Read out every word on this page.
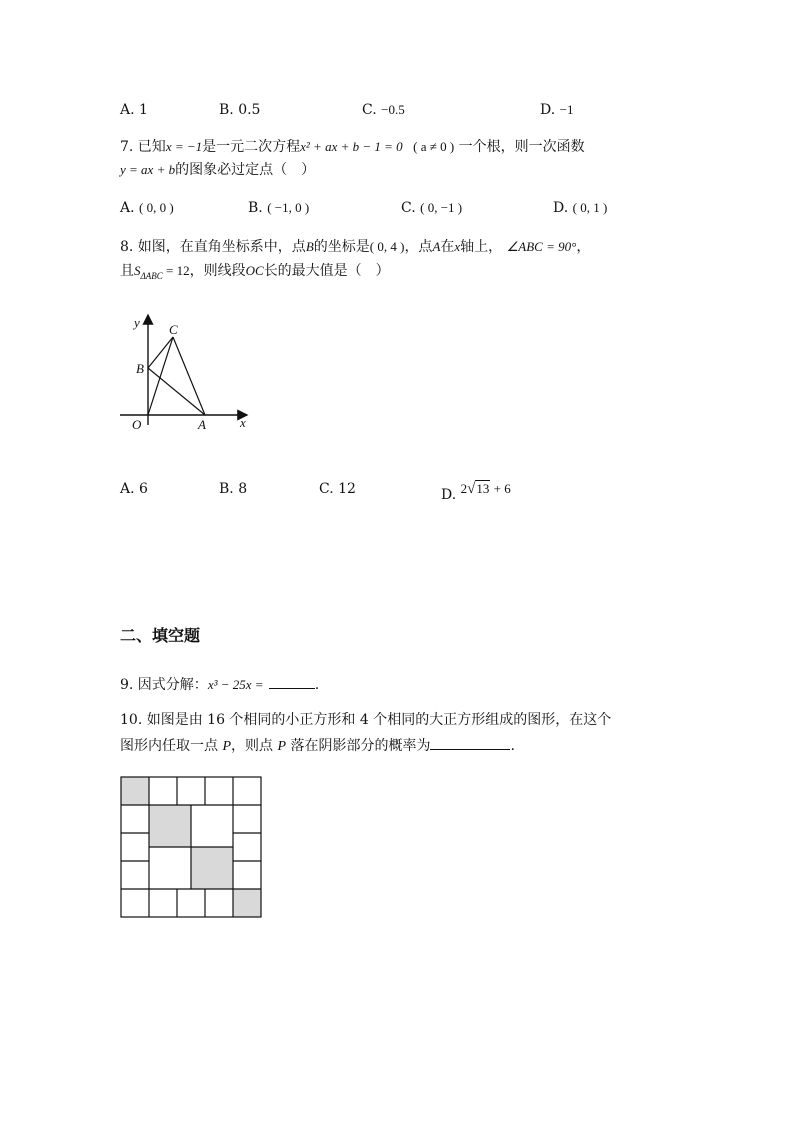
A. 1	B. 0.5	C. −0.5	D. −1
7. 已知x = −1是一元二次方程x² + ax + b − 1 = 0 ( a ≠ 0 ) 一个根，则一次函数
y = ax + b的图象必过定点（　）
A. ( 0, 0 )	B. ( −1, 0 )	C. ( 0, −1 )	D. ( 0, 1 )
8. 如图，在直角坐标系中，点B的坐标是( 0, 4 )，点A在x轴上， ∠ABC = 90°，
且$S_{\Delta ABC} = 12$，则线段OC长的最大值是（　）
y
x
O	A
B
C
A. 6	B. 8	C. 12	D. 2√13 + 6
二、填空题
9. 因式分解：x³ − 25x =	.
10. 如图是由 16 个相同的小正方形和 4 个相同的大正方形组成的图形，在这个
图形内任取一点 P，则点 P 落在阴影部分的概率为	.
